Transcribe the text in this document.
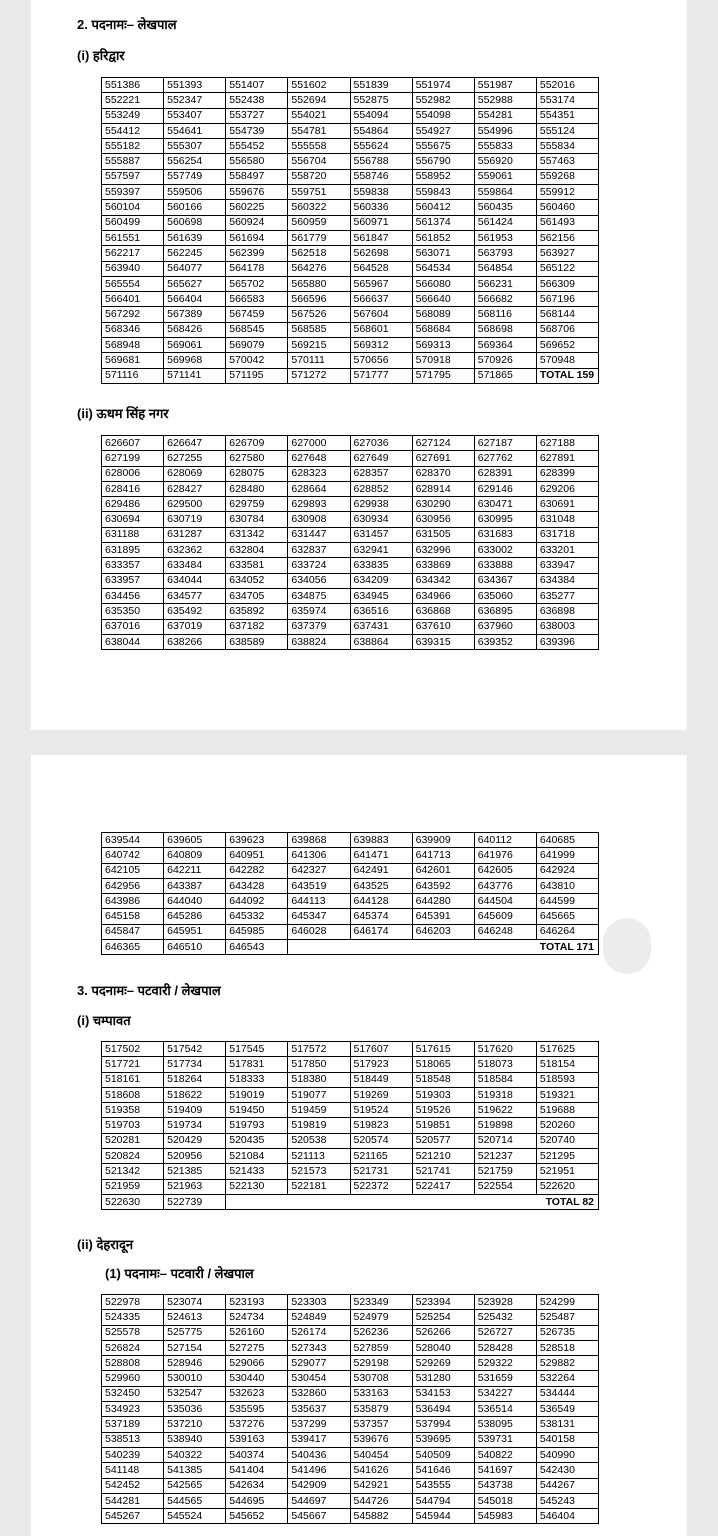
2. पदनामः– लेखपाल
(i) हरिद्वार
551386	551393	551407	551602	551839	551974	551987	552016
552221	552347	552438	552694	552875	552982	552988	553174
553249	553407	553727	554021	554094	554098	554281	554351
554412	554641	554739	554781	554864	554927	554996	555124
555182	555307	555452	555558	555624	555675	555833	555834
555887	556254	556580	556704	556788	556790	556920	557463
557597	557749	558497	558720	558746	558952	559061	559268
559397	559506	559676	559751	559838	559843	559864	559912
560104	560166	560225	560322	560336	560412	560435	560460
560499	560698	560924	560959	560971	561374	561424	561493
561551	561639	561694	561779	561847	561852	561953	562156
562217	562245	562399	562518	562698	563071	563793	563927
563940	564077	564178	564276	564528	564534	564854	565122
565554	565627	565702	565880	565967	566080	566231	566309
566401	566404	566583	566596	566637	566640	566682	567196
567292	567389	567459	567526	567604	568089	568116	568144
568346	568426	568545	568585	568601	568684	568698	568706
568948	569061	569079	569215	569312	569313	569364	569652
569681	569968	570042	570111	570656	570918	570926	570948
571116	571141	571195	571272	571777	571795	571865	TOTAL 159
(ii) ऊधम सिंह नगर
626607	626647	626709	627000	627036	627124	627187	627188
627199	627255	627580	627648	627649	627691	627762	627891
628006	628069	628075	628323	628357	628370	628391	628399
628416	628427	628480	628664	628852	628914	629146	629206
629486	629500	629759	629893	629938	630290	630471	630691
630694	630719	630784	630908	630934	630956	630995	631048
631188	631287	631342	631447	631457	631505	631683	631718
631895	632362	632804	632837	632941	632996	633002	633201
633357	633484	633581	633724	633835	633869	633888	633947
633957	634044	634052	634056	634209	634342	634367	634384
634456	634577	634705	634875	634945	634966	635060	635277
635350	635492	635892	635974	636516	636868	636895	636898
637016	637019	637182	637379	637431	637610	637960	638003
638044	638266	638589	638824	638864	639315	639352	639396
639544	639605	639623	639868	639883	639909	640112	640685
640742	640809	640951	641306	641471	641713	641976	641999
642105	642211	642282	642327	642491	642601	642605	642924
642956	643387	643428	643519	643525	643592	643776	643810
643986	644040	644092	644113	644128	644280	644504	644599
645158	645286	645332	645347	645374	645391	645609	645665
645847	645951	645985	646028	646174	646203	646248	646264
646365	646510	646543	TOTAL 171				
3. पदनामः– पटवारी / लेखपाल
(i) चम्पावत
517502	517542	517545	517572	517607	517615	517620	517625
517721	517734	517831	517850	517923	518065	518073	518154
518161	518264	518333	518380	518449	518548	518584	518593
518608	518622	519019	519077	519269	519303	519318	519321
519358	519409	519450	519459	519524	519526	519622	519688
519703	519734	519793	519819	519823	519851	519898	520260
520281	520429	520435	520538	520574	520577	520714	520740
520824	520956	521084	521113	521165	521210	521237	521295
521342	521385	521433	521573	521731	521741	521759	521951
521959	521963	522130	522181	522372	522417	522554	522620
522630	522739	TOTAL 82					
(ii) देहरादून
(1) पदनामः– पटवारी / लेखपाल
522978	523074	523193	523303	523349	523394	523928	524299
524335	524613	524734	524849	524979	525254	525432	525487
525578	525775	526160	526174	526236	526266	526727	526735
526824	527154	527275	527343	527859	528040	528428	528518
528808	528946	529066	529077	529198	529269	529322	529882
529960	530010	530440	530454	530708	531280	531659	532264
532450	532547	532623	532860	533163	534153	534227	534444
534923	535036	535595	535637	535879	536494	536514	536549
537189	537210	537276	537299	537357	537994	538095	538131
538513	538940	539163	539417	539676	539695	539731	540158
540239	540322	540374	540436	540454	540509	540822	540990
541148	541385	541404	541496	541626	541646	541697	542430
542452	542565	542634	542909	542921	543555	543738	544267
544281	544565	544695	544697	544726	544794	545018	545243
545267	545524	545652	545667	545882	545944	545983	546404
